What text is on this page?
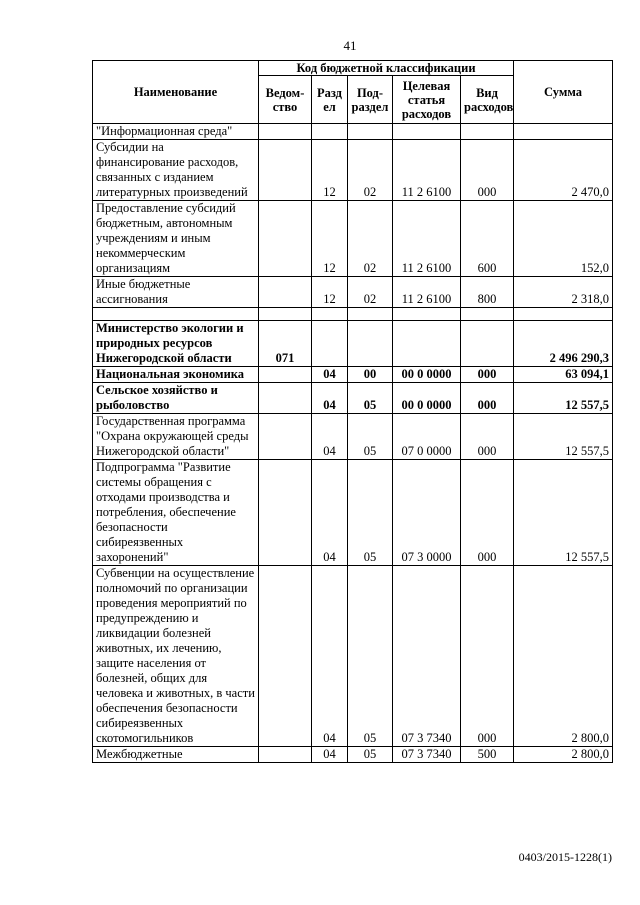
41
Наименование	Код бюджетной классификации					Сумма
	Ведом-ство	Разд ел	Под-раздел	Целевая статья расходов	Вид расходов	
"Информационная среда"						
Субсидии на финансирование расходов, связанных с изданием литературных произведений		12	02	11 2 6100	000	2 470,0
Предоставление субсидий бюджетным, автономным учреждениям и иным некоммерческим организациям		12	02	11 2 6100	600	152,0
Иные бюджетные ассигнования		12	02	11 2 6100	800	2 318,0

Министерство экологии и природных ресурсов Нижегородской области	071					2 496 290,3
Национальная экономика		04	00	00 0 0000	000	63 094,1
Сельское хозяйство и рыболовство		04	05	00 0 0000	000	12 557,5
Государственная программа "Охрана окружающей среды Нижегородской области"		04	05	07 0 0000	000	12 557,5
Подпрограмма "Развитие системы обращения с отходами производства и потребления, обеспечение безопасности сибиреязвенных захоронений"		04	05	07 3 0000	000	12 557,5
Субвенции на осуществление полномочий по организации проведения мероприятий по предупреждению и ликвидации болезней животных, их лечению, защите населения от болезней, общих для человека и животных, в части обеспечения безопасности сибиреязвенных скотомогильников		04	05	07 3 7340	000	2 800,0
Межбюджетные		04	05	07 3 7340	500	2 800,0
0403/2015-1228(1)
